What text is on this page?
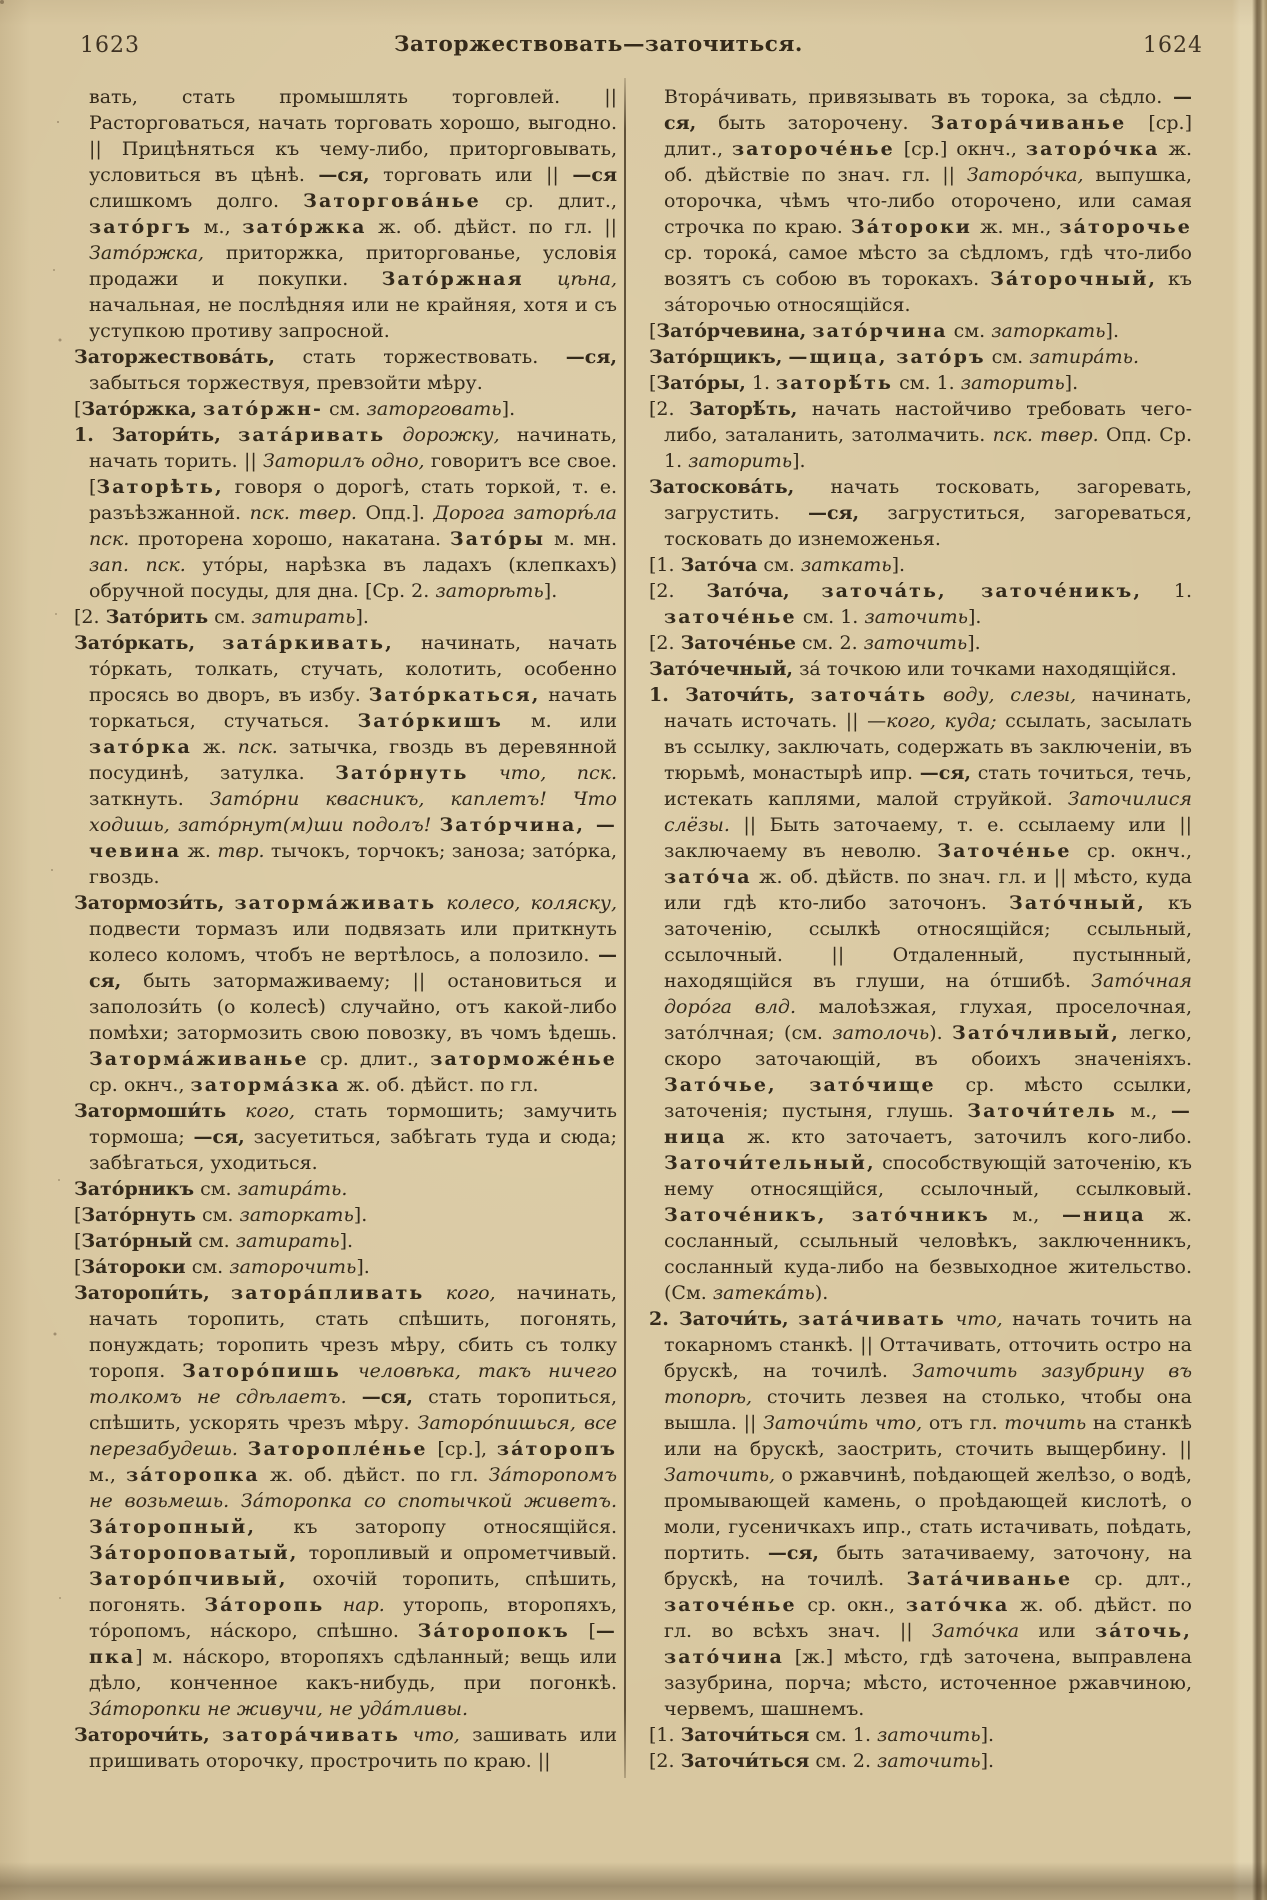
1623	Заторжествовать—заточиться.	1624

вать, стать промышлять торговлей. || Расторговаться, начать торговать хорошо, выгодно. || Прицѣняться къ чему-либо, приторговывать, условиться въ цѣнѣ. —ся, торговать или || —ся слишкомъ долго. Заторгова́нье ср. длит., зато́ргъ м., зато́ржка ж. об. дѣйст. по гл. || Зато́ржка, приторжка, приторгованье, условія продажи и покупки. Зато́ржная цѣна, начальная, не послѣдняя или не крайняя, хотя и съ уступкою противу запросной.

Заторжествова́ть, стать торжествовать. —ся, забыться торжествуя, превзойти мѣру.

[Зато́ржка, зато́ржн- см. заторговать].

1. Затори́ть, зата́ривать дорожку, начинать, начать торить. || Заторилъ одно, говоритъ все свое. [Заторѣть, говоря о дорогѣ, стать торкой, т. е. разъѣзжанной. пск. твер. Опд.]. Дорога заторѣ́ла пск. проторена хорошо, накатана. Зато́ры м. мн. зап. пск. уто́ры, нарѣзка въ ладахъ (клепкахъ) обручной посуды, для дна. [Ср. 2. заторѣть].

[2. Зато́рить см. затирать].

Зато́ркать, зата́ркивать, начинать, начать то́ркать, толкать, стучать, колотить, особенно просясь во дворъ, въ избу. Зато́ркаться, начать торкаться, стучаться. Зато́ркишъ м. или зато́рка ж. пск. затычка, гвоздь въ деревянной посудинѣ, затулка. Зато́рнуть что, пск. заткнуть. Зато́рни квасникъ, каплетъ! Что ходишь, зато́рнут(м)ши подолъ! Зато́рчина, —чевина ж. твр. тычокъ, торчокъ; заноза; зато́рка, гвоздь.

Затормози́ть, заторма́живать колесо, коляску, подвести тормазъ или подвязать или приткнуть колесо коломъ, чтобъ не вертѣлось, а полозило. —ся, быть затормаживаему; || остановиться и заполози́ть (о колесѣ) случайно, отъ какой-либо помѣхи; затормозить свою повозку, въ чомъ ѣдешь. Заторма́живанье ср. длит., заторможе́нье ср. окнч., заторма́зка ж. об. дѣйст. по гл.

Затормоши́ть кого, стать тормошить; замучить тормоша; —ся, засуетиться, забѣгать туда и сюда; забѣгаться, уходиться.

Зато́рникъ см. затира́ть.

[Зато́рнуть см. заторкать].

[Зато́рный см. затирать].

[За́тороки см. заторочить].

Заторопи́ть, затора́пливать кого, начинать, начать торопить, стать спѣшить, погонять, понуждать; торопить чрезъ мѣру, сбить съ толку торопя. Заторо́пишь человѣка, такъ ничего толкомъ не сдѣлаетъ. —ся, стать торопиться, спѣшить, ускорять чрезъ мѣру. Заторо́пишься, все перезабудешь. Заторопле́нье [ср.], за́торопъ м., за́торопка ж. об. дѣйст. по гл. За́торопомъ не возьмешь. За́торопка со спотычкой живетъ. За́торопный, къ заторопу относящійся. За́тороповатый, торопливый и опрометчивый. Заторо́пчивый, охочій торопить, спѣшить, погонять. За́торопь нар. уторопь, второпяхъ, то́ропомъ, на́скоро, спѣшно. За́торопокъ [—пка] м. на́скоро, второпяхъ сдѣланный; вещь или дѣло, конченное какъ-нибудь, при погонкѣ. За́торопки не живучи, не уда́тливы.

Заторочи́ть, затора́чивать что, зашивать или пришивать оторочку, прострочить по краю. ||

Втора́чивать, привязывать въ торока, за сѣдло. —ся, быть заторочену. Затора́чиванье [ср.] длит., затороче́нье [ср.] окнч., заторо́чка ж. об. дѣйствіе по знач. гл. || Заторо́чка, выпушка, оторочка, чѣмъ что-либо оторочено, или самая строчка по краю. За́тороки ж. мн., за́торочье ср. торока́, самое мѣсто за сѣдломъ, гдѣ что-либо возятъ съ собою въ торокахъ. За́торочный, къ за́торочью относящійся.

[Зато́рчевина, зато́рчина см. заторкать].

Зато́рщикъ, —щица, зато́ръ см. затира́ть.

[Зато́ры, 1. заторѣ́ть см. 1. заторить].

[2. Заторѣ́ть, начать настойчиво требовать чего-либо, заталанить, затолмачить. пск. твер. Опд. Ср. 1. заторить].

Затоскова́ть, начать тосковать, загоревать, загрустить. —ся, загруститься, загореваться, тосковать до изнеможенья.

[1. Зато́ча см. заткать].

[2. Зато́ча, заточа́ть, заточе́никъ, 1. заточе́нье см. 1. заточить].

[2. Заточе́нье см. 2. заточить].

Зато́чечный, за́ точкою или точками находящійся.

1. Заточи́ть, заточа́ть воду, слезы, начинать, начать источать. || —кого, куда; ссылать, засылать въ ссылку, заключать, содержать въ заключеніи, въ тюрьмѣ, монастырѣ ипр. —ся, стать точиться, течь, истекать каплями, малой струйкой. Заточилися слёзы. || Быть заточаему, т. е. ссылаему или || заключаему въ неволю. Заточе́нье ср. окнч., зато́ча ж. об. дѣйств. по знач. гл. и || мѣсто, куда или гдѣ кто-либо заточонъ. Зато́чный, къ заточенію, ссылкѣ относящійся; ссыльный, ссылочный. || Отдаленный, пустынный, находящійся въ глуши, на о́тшибѣ. Зато́чная доро́га влд. малоѣзжая, глухая, проселочная, зато́лчная; (см. затолочь). Зато́чливый, легко, скоро заточающій, въ обоихъ значеніяхъ. Зато́чье, зато́чище ср. мѣсто ссылки, заточенія; пустыня, глушь. Заточи́тель м., —ница ж. кто заточаетъ, заточилъ кого-либо. Заточи́тельный, способствующій заточенію, къ нему относящійся, ссылочный, ссылковый. Заточе́никъ, зато́чникъ м., —ница ж. сосланный, ссыльный человѣкъ, заключенникъ, сосланный куда-либо на безвыходное жительство. (См. затека́ть).

2. Заточи́ть, зата́чивать что, начать точить на токарномъ станкѣ. || Оттачивать, отточить остро на брускѣ, на точилѣ. Заточить зазубрину въ топорѣ, сточить лезвея на столько, чтобы она вышла. || Заточи́ть что, отъ гл. точить на станкѣ или на брускѣ, заострить, сточить выщербину. || Заточить, о ржавчинѣ, поѣдающей желѣзо, о водѣ, промывающей камень, о проѣдающей кислотѣ, о моли, гусеничкахъ ипр., стать истачивать, поѣдать, портить. —ся, быть затачиваему, заточону, на брускѣ, на точилѣ. Зата́чиванье ср. длт., заточе́нье ср. окн., зато́чка ж. об. дѣйст. по гл. во всѣхъ знач. || Зато́чка или за́точь, зато́чина [ж.] мѣсто, гдѣ заточена, выправлена зазубрина, порча; мѣсто, источенное ржавчиною, червемъ, шашнемъ.

[1. Заточи́ться см. 1. заточить].

[2. Заточи́ться см. 2. заточить].
